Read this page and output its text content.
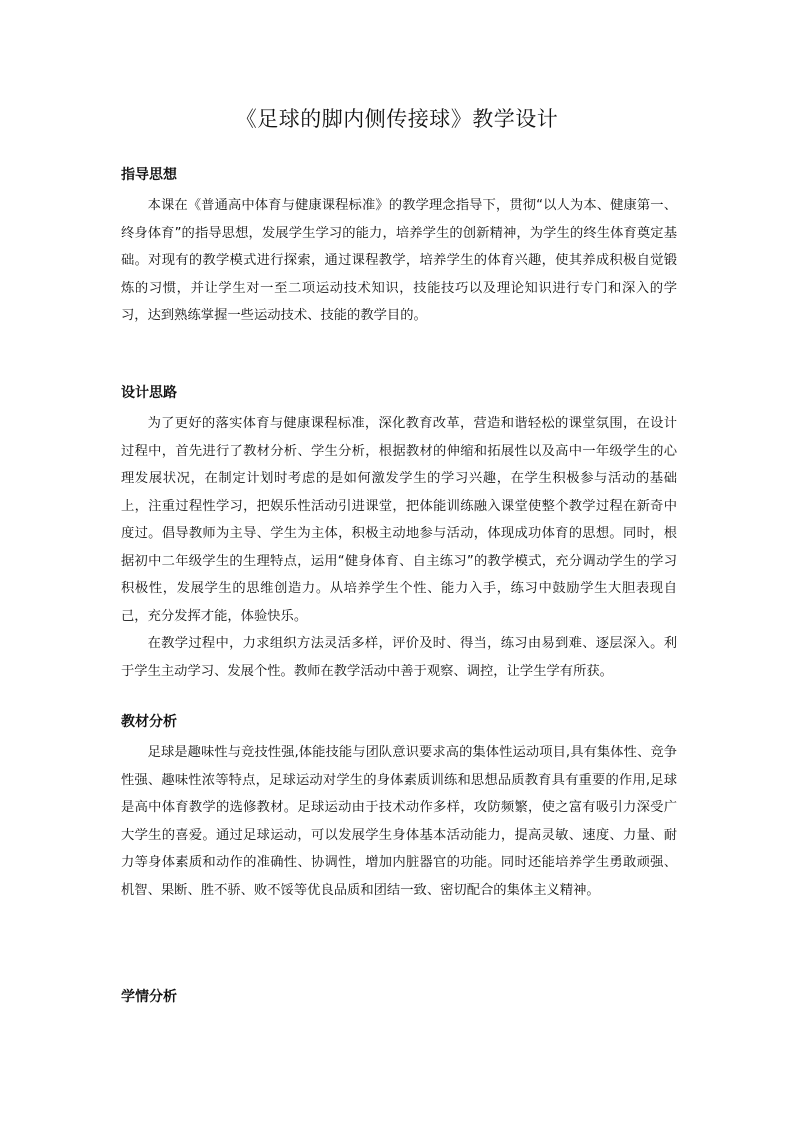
《足球的脚内侧传接球》教学设计
指导思想

本课在《普通高中体育与健康课程标准》的教学理念指导下，贯彻“以人为本、健康第一、终身体育”的指导思想，发展学生学习的能力，培养学生的创新精神，为学生的终生体育奠定基础。对现有的教学模式进行探索，通过课程教学，培养学生的体育兴趣，使其养成积极自觉锻炼的习惯，并让学生对一至二项运动技术知识，技能技巧以及理论知识进行专门和深入的学习，达到熟练掌握一些运动技术、技能的教学目的。

设计思路

为了更好的落实体育与健康课程标准，深化教育改革，营造和谐轻松的课堂氛围，在设计过程中，首先进行了教材分析、学生分析，根据教材的伸缩和拓展性以及高中一年级学生的心理发展状况，在制定计划时考虑的是如何激发学生的学习兴趣，在学生积极参与活动的基础上，注重过程性学习，把娱乐性活动引进课堂，把体能训练融入课堂使整个教学过程在新奇中度过。倡导教师为主导、学生为主体，积极主动地参与活动，体现成功体育的思想。同时，根据初中二年级学生的生理特点，运用“健身体育、自主练习”的教学模式，充分调动学生的学习积极性，发展学生的思维创造力。从培养学生个性、能力入手，练习中鼓励学生大胆表现自己，充分发挥才能，体验快乐。

在教学过程中，力求组织方法灵活多样，评价及时、得当，练习由易到难、逐层深入。利于学生主动学习、发展个性。教师在教学活动中善于观察、调控，让学生学有所获。

教材分析

足球是趣味性与竞技性强,体能技能与团队意识要求高的集体性运动项目,具有集体性、竞争性强、趣味性浓等特点，足球运动对学生的身体素质训练和思想品质教育具有重要的作用,足球是高中体育教学的选修教材。足球运动由于技术动作多样，攻防频繁，使之富有吸引力深受广大学生的喜爱。通过足球运动，可以发展学生身体基本活动能力，提高灵敏、速度、力量、耐力等身体素质和动作的准确性、协调性，增加内脏器官的功能。同时还能培养学生勇敢顽强、机智、果断、胜不骄、败不馁等优良品质和团结一致、密切配合的集体主义精神。

学情分析
